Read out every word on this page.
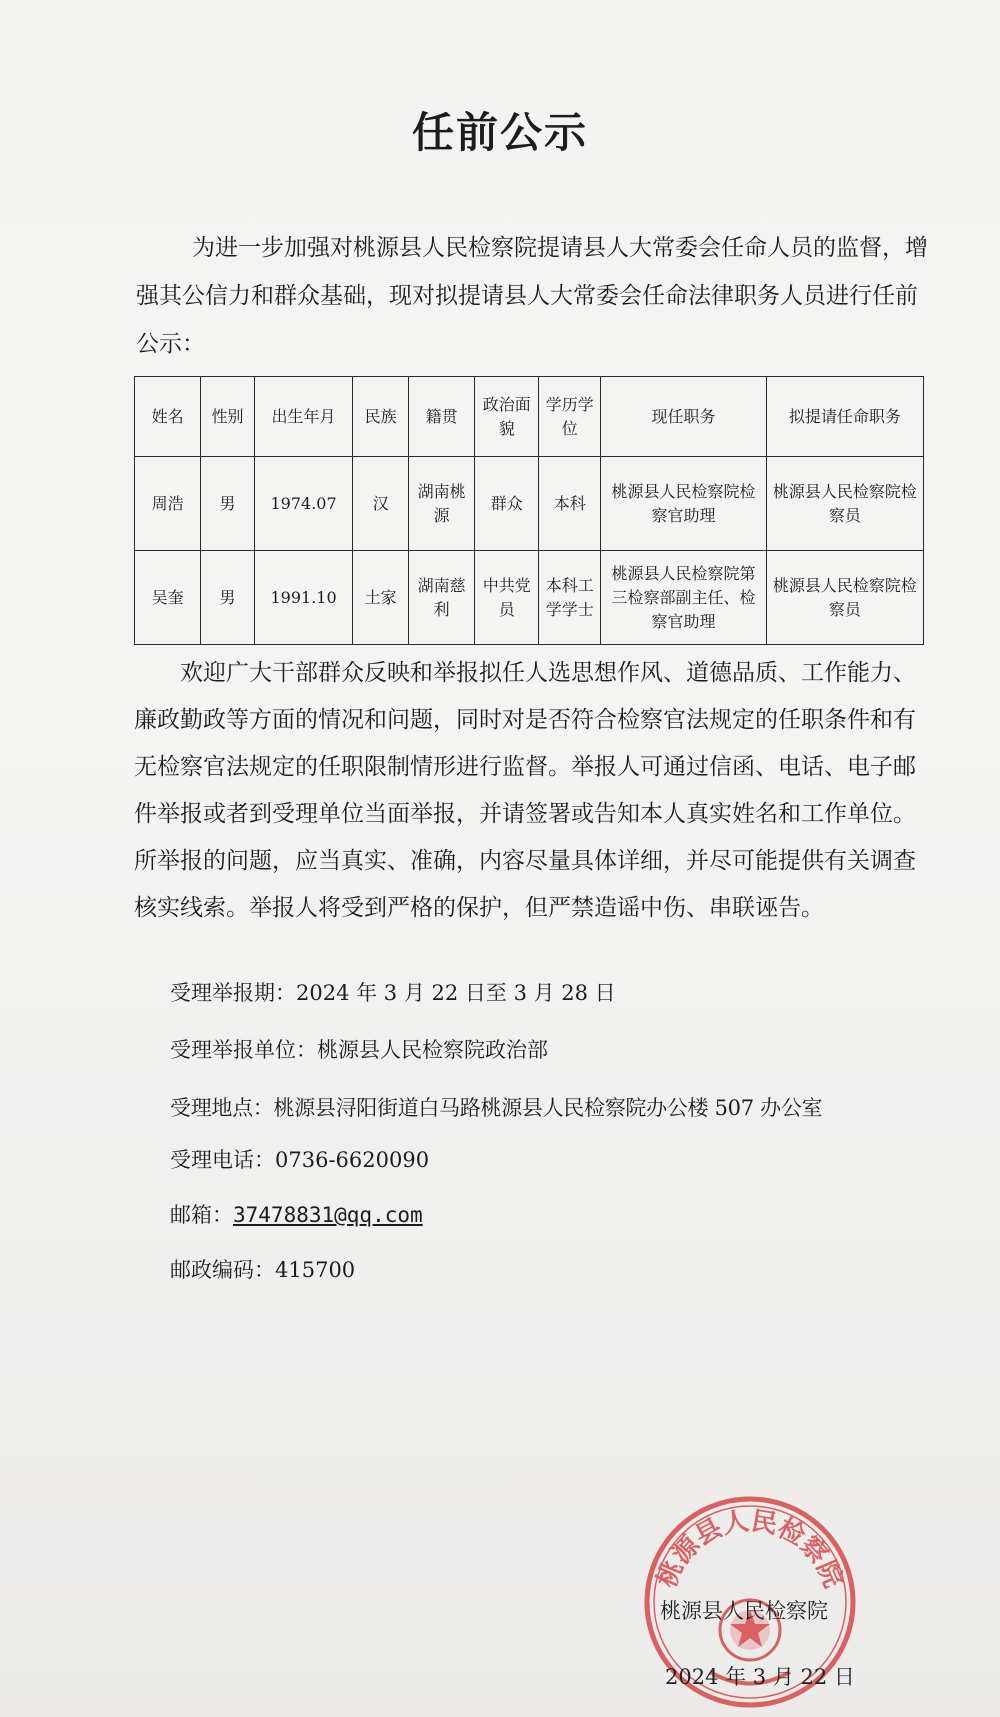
任前公示

为进一步加强对桃源县人民检察院提请县人大常委会任命人员的监督，增强其公信力和群众基础，现对拟提请县人大常委会任命法律职务人员进行任前公示：

姓名	性别	出生年月	民族	籍贯	政治面貌	学历学位	现任职务	拟提请任命职务
周浩	男	1974.07	汉	湖南桃源	群众	本科	桃源县人民检察院检察官助理	桃源县人民检察院检察员
吴奎	男	1991.10	土家	湖南慈利	中共党员	本科工学学士	桃源县人民检察院第三检察部副主任、检察官助理	桃源县人民检察院检察员

欢迎广大干部群众反映和举报拟任人选思想作风、道德品质、工作能力、廉政勤政等方面的情况和问题，同时对是否符合检察官法规定的任职条件和有无检察官法规定的任职限制情形进行监督。举报人可通过信函、电话、电子邮件举报或者到受理单位当面举报，并请签署或告知本人真实姓名和工作单位。所举报的问题，应当真实、准确，内容尽量具体详细，并尽可能提供有关调查核实线索。举报人将受到严格的保护，但严禁造谣中伤、串联诬告。

受理举报期：2024 年 3 月 22 日至 3 月 28 日
受理举报单位：桃源县人民检察院政治部
受理地点：桃源县浔阳街道白马路桃源县人民检察院办公楼 507 办公室
受理电话：0736-6620090
邮箱：37478831@qq.com
邮政编码：415700
桃源县人民检察院
桃源县人民检察院
2024 年 3 月 22 日
